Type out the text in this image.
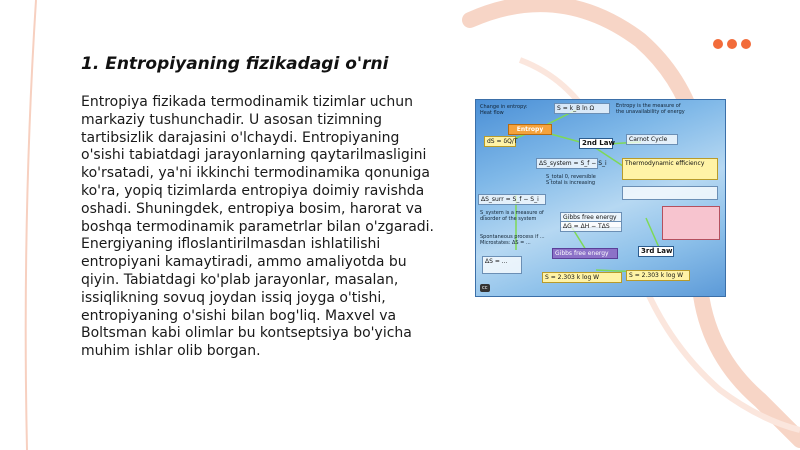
1. Entropiyaning fizikadagi o'rni

Entropiya fizikada termodinamik tizimlar uchun markaziy tushunchadir. U asosan tizimning tartibsizlik darajasini o'lchaydi. Entropiyaning o'sishi tabiatdagi jarayonlarning qaytarilmasligini ko'rsatadi, ya'ni ikkinchi termodinamika qonuniga ko'ra, yopiq tizimlarda entropiya doimiy ravishda oshadi. Shuningdek, entropiya bosim, harorat va boshqa termodinamik parametrlar bilan o'zgaradi. Energiyaning ifloslantirilmasdan ishlatilishi entropiyani kamaytiradi, ammo amaliyotda bu qiyin. Tabiatdagi ko'plab jarayonlar, masalan, issiqlikning sovuq joydan issiq joyga o'tishi, entropiyaning o'sishi bilan bog'liq. Maxvel va Boltsman kabi olimlar bu kontseptsiya bo'yicha muhim ishlar olib borgan.

Change in entropy:
Heat flow
S = k_B ln Ω	Entropy is the measure of
the unavailability of energy
Entropy
dS = δQ/T	2nd Law	Carnot Cycle
ΔS_system = S_f − S_i	Thermodynamic efficiency
S_total 0, reversible
S total is increasing
ΔS_surr = S_f − S_i
Gibbs free energy
ΔG = ΔH − TΔS
S_system is a measure of
disorder of the system
Spontaneous process if ...
Microstates: ΔS = ...
ΔS = ...
Gibbs free energy	3rd Law
S = 2.303 k log W	S = 2.303 k log W
cc
